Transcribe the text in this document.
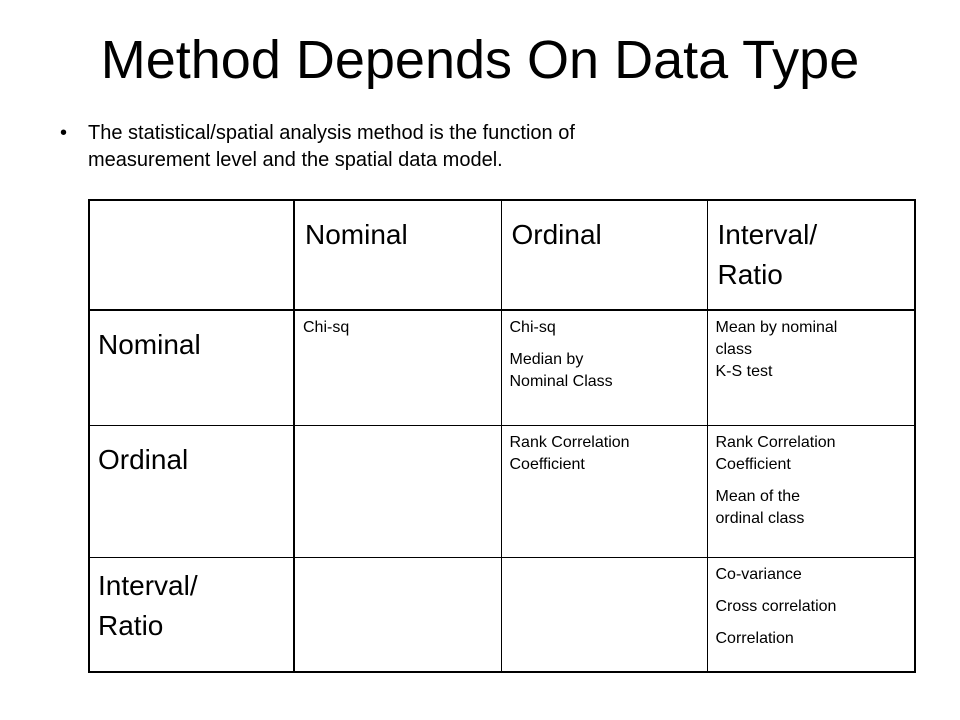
Method Depends On Data Type
•	The statistical/spatial analysis method is the function of
measurement level and the spatial data model.

	Nominal	Ordinal	Interval/
Ratio

Nominal	Chi-sq	Chi-sq
Median by
Nominal Class	Mean by nominal
class
K-S test

Ordinal		Rank Correlation
Coefficient	Rank Correlation
Coefficient
Mean of the
ordinal class

Interval/
Ratio			Co-variance
Cross correlation
Correlation
